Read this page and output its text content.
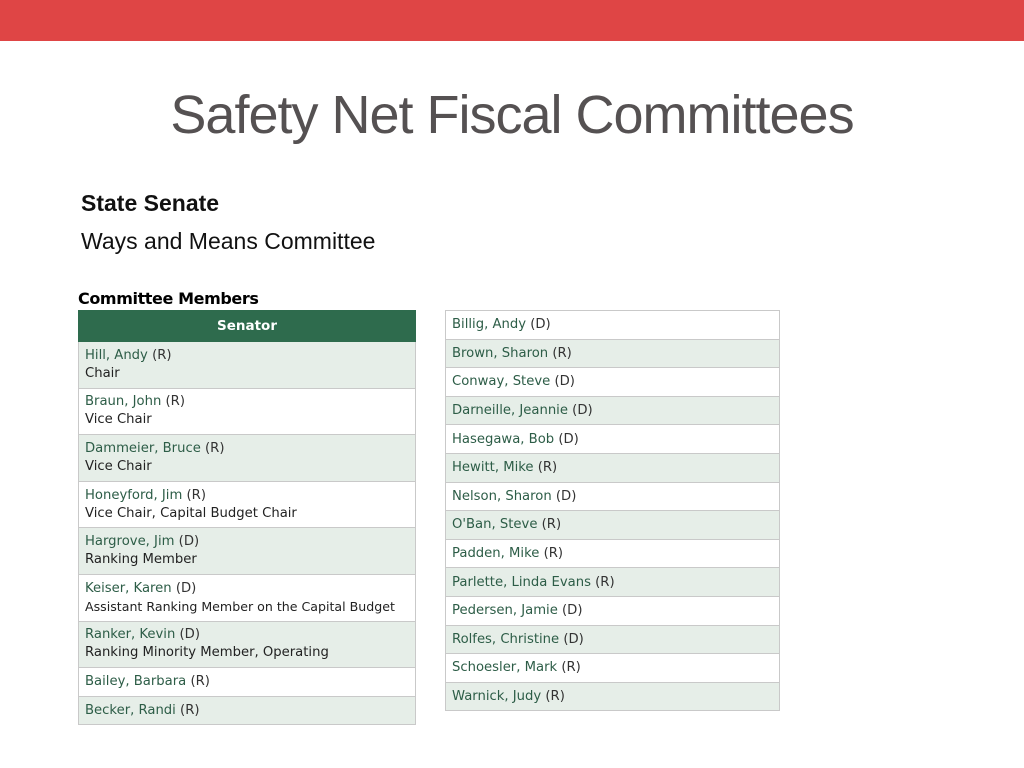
Safety Net Fiscal Committees
State Senate
Ways and Means Committee
Committee Members
Senator
Hill, Andy (R)
Chair

Braun, John (R)
Vice Chair

Dammeier, Bruce (R)
Vice Chair

Honeyford, Jim (R)
Vice Chair, Capital Budget Chair

Hargrove, Jim (D)
Ranking Member

Keiser, Karen (D)
Assistant Ranking Member on the Capital Budget

Ranker, Kevin (D)
Ranking Minority Member, Operating

Bailey, Barbara (R)
Becker, Randi (R)
Billig, Andy (D)
Brown, Sharon (R)
Conway, Steve (D)
Darneille, Jeannie (D)
Hasegawa, Bob (D)
Hewitt, Mike (R)
Nelson, Sharon (D)
O'Ban, Steve (R)
Padden, Mike (R)
Parlette, Linda Evans (R)
Pedersen, Jamie (D)
Rolfes, Christine (D)
Schoesler, Mark (R)
Warnick, Judy (R)
